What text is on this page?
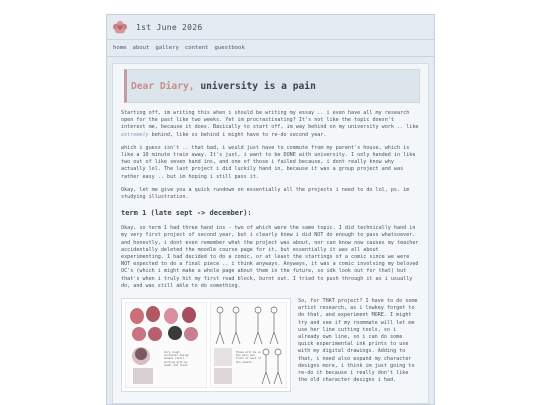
1st June 2026
home about gallery content guestbook
Dear Diary, university is a pain

Starting off, im writing this when i should be writing my essay .. i even have all my research open for the past like two weeks. Yet im procrastinating? It's not like the topic doesn't interest me, because it does. Basically to start off, im way behind on my university work .. like extremely behind, like ss behind i might have to re-do second year.

which i guess isn't .. that bad, i would just have to commute from my parent's house, which is like a 10 minute train away. It's just, i want to be DONE with university. I only handed in like two out of like seven hand ins, and one of those i failed because, i dont really know why actually lol. The last project i did luckily hand in, because it was a group project and was rather easy .. but im hoping i still pass it.

Okay, let me give you a quick rundown on essentially all the projects i need to do lol, ps. im studying illustration.

term 1 (late sept -> december):

Okay, so term 1 had three hand ins - two of which were the same topic. I did technically hand in my very first project of second year, but i clearly knew i did NOT do enough to pass whatsoever. and honestly, i dont even remember what the project was about, nor can know now causes my teacher accidentally deleted the moodle course page for it, but essentially it was all about experimenting. I had decided to do a comic, or at least the startings of a comic since we were NOT expected to do a final piece .. i think anyways. Anyways, it was a comic involving my beloved OC's (which i might make a whole page about them in the future, so idk look out for that) but that's when i truly hit my first road block, burnt out. I tried to push through it as i usually do, and was still able to do something.

Very rough character design sheets (still working with my head) and faces.
These will be on the main and front of each of the sheets.

So, for THAT project? I have to do some artist research, as i lowkey forget to do that, and experiment MORE. I might try and see if my roommate will let me use her line cutting tools, so i already own line, so i can do some quick experimental ink prints to use with my digital drawings. Adding to that, i need also expand my character designs more, i think im just going to re-do it because i really don't like the old character designs i had.
